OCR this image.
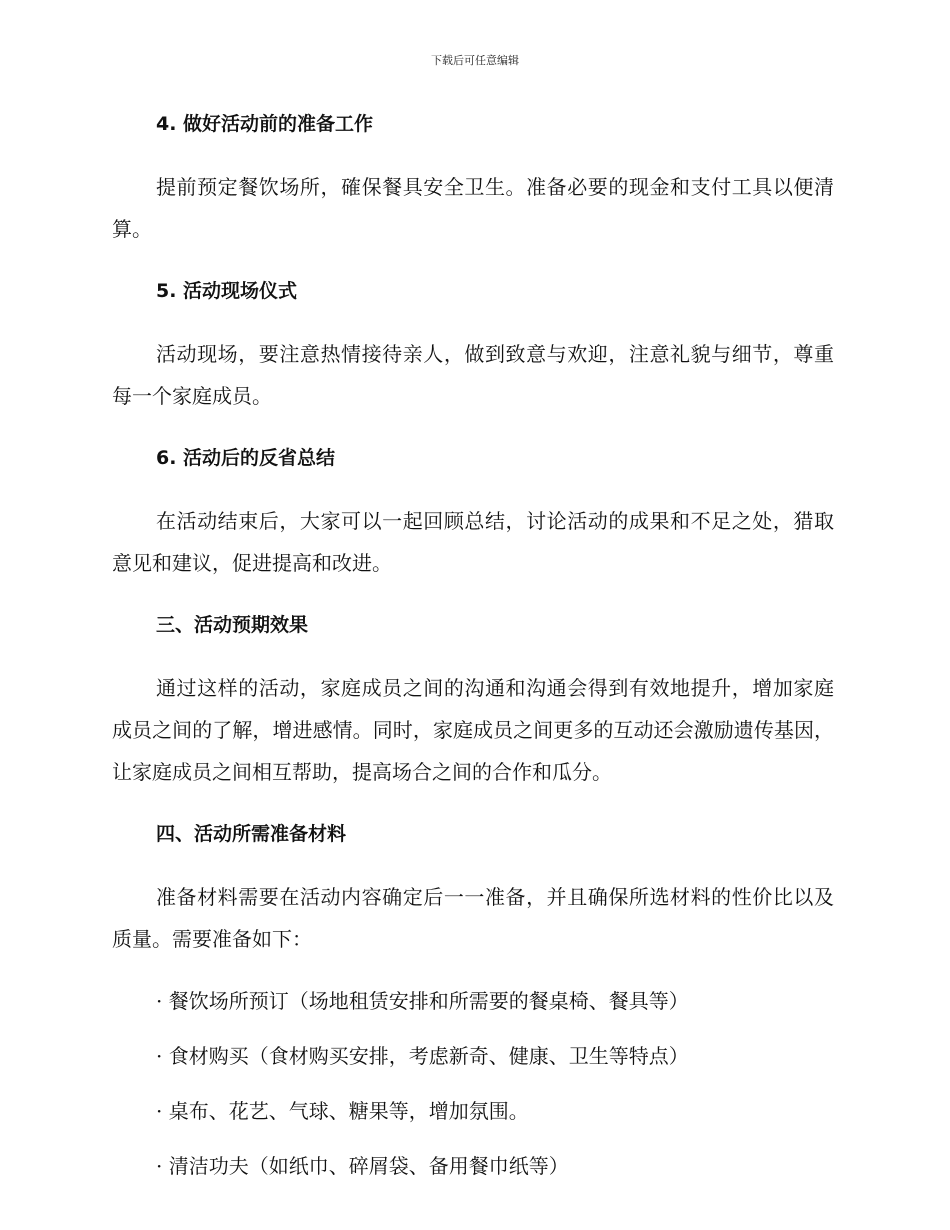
下载后可任意编辑
4. 做好活动前的准备工作

提前预定餐饮场所，確保餐具安全卫生。准备必要的现金和支付工具以便清算。

5. 活动现场仪式

活动现场，要注意热情接待亲人，做到致意与欢迎，注意礼貌与细节，尊重每一个家庭成员。

6. 活动后的反省总结

在活动结束后，大家可以一起回顾总结，讨论活动的成果和不足之处，猎取意见和建议，促进提高和改进。

三、活动预期效果

通过这样的活动，家庭成员之间的沟通和沟通会得到有效地提升，增加家庭成员之间的了解，增进感情。同时，家庭成员之间更多的互动还会激励遗传基因，让家庭成员之间相互帮助，提高场合之间的合作和瓜分。

四、活动所需准备材料

准备材料需要在活动内容确定后一一准备，并且确保所选材料的性价比以及质量。需要准备如下：

· 餐饮场所预订（场地租赁安排和所需要的餐桌椅、餐具等）

· 食材购买（食材购买安排，考虑新奇、健康、卫生等特点）

· 桌布、花艺、气球、糖果等，增加氛围。

· 清洁功夫（如纸巾、碎屑袋、备用餐巾纸等）
